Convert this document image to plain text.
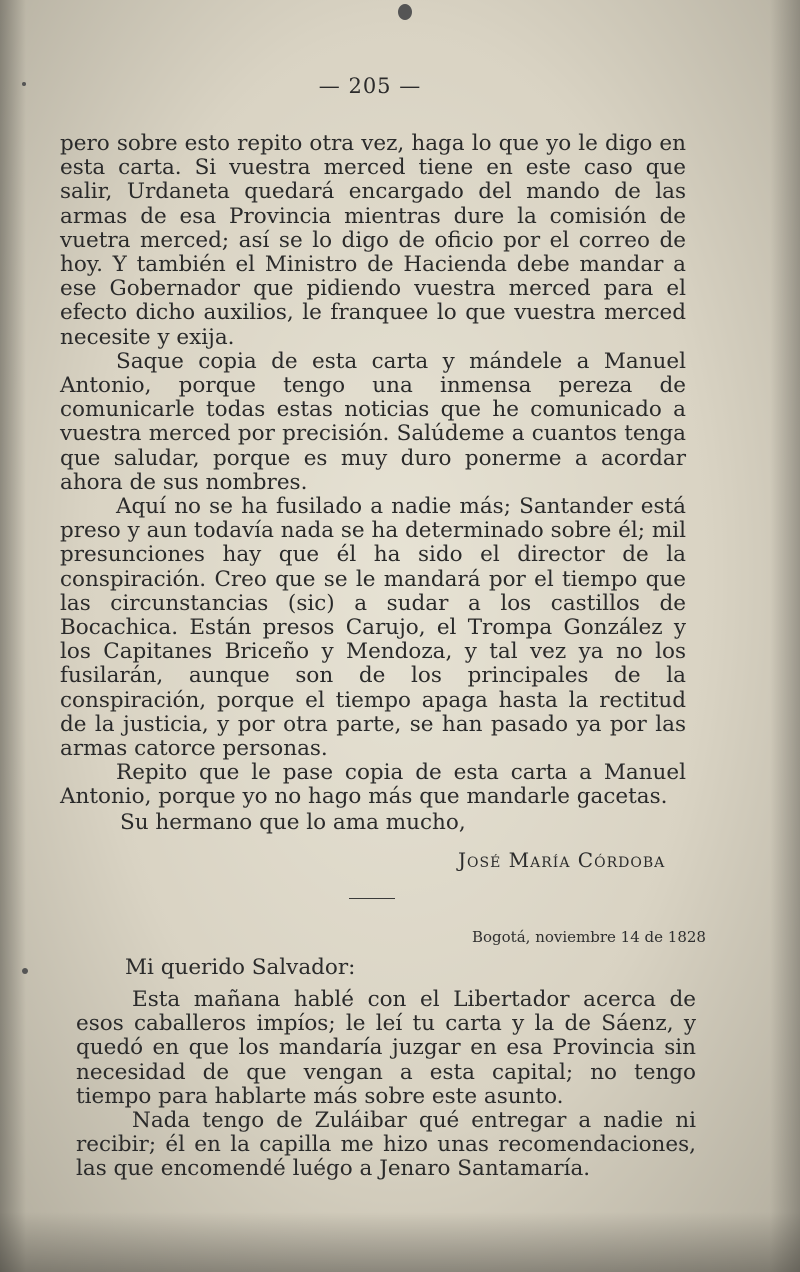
— 205 —

pero sobre esto repito otra vez, haga lo que yo le digo en esta carta. Si vuestra merced tiene en este caso que salir, Urdaneta quedará encargado del mando de las armas de esa Provincia mientras dure la comisión de vuetra merced; así se lo digo de oficio por el correo de hoy. Y también el Ministro de Hacienda debe mandar a ese Gobernador que pidiendo vuestra merced para el efecto dicho auxilios, le franquee lo que vuestra merced necesite y exija.

Saque copia de esta carta y mándele a Manuel Antonio, porque tengo una inmensa pereza de comunicarle todas estas noticias que he comunicado a vuestra merced por precisión. Salúdeme a cuantos tenga que saludar, porque es muy duro ponerme a acordar ahora de sus nombres.

Aquí no se ha fusilado a nadie más; Santander está preso y aun todavía nada se ha determinado sobre él; mil presunciones hay que él ha sido el director de la conspiración. Creo que se le mandará por el tiempo que las circunstancias (sic) a sudar a los castillos de Bocachica. Están presos Carujo, el Trompa González y los Capitanes Briceño y Mendoza, y tal vez ya no los fusilarán, aunque son de los principales de la conspiración, porque el tiempo apaga hasta la rectitud de la justicia, y por otra parte, se han pasado ya por las armas catorce personas.

Repito que le pase copia de esta carta a Manuel Antonio, porque yo no hago más que mandarle gacetas.

Su hermano que lo ama mucho,
José María Córdoba
Bogotá, noviembre 14 de 1828
Mi querido Salvador:

Esta mañana hablé con el Libertador acerca de esos caballeros impíos; le leí tu carta y la de Sáenz, y quedó en que los mandaría juzgar en esa Provincia sin necesidad de que vengan a esta capital; no tengo tiempo para hablarte más sobre este asunto.

Nada tengo de Zuláibar qué entregar a nadie ni recibir; él en la capilla me hizo unas recomendaciones, las que encomendé luégo a Jenaro Santamaría.
